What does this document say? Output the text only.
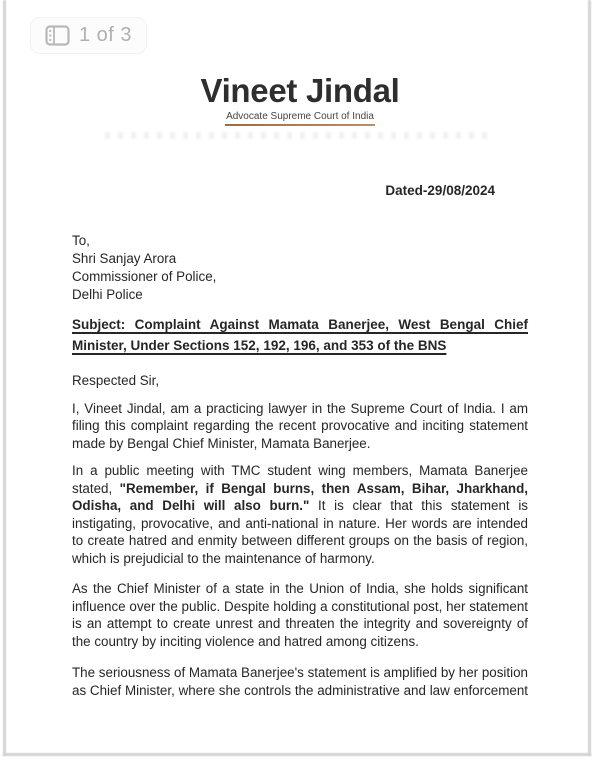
1 of 3
Vineet Jindal
Advocate Supreme Court of India
Dated-29/08/2024
To,
Shri Sanjay Arora
Commissioner of Police,
Delhi Police
Subject: Complaint Against Mamata Banerjee, West Bengal Chief Minister, Under Sections 152, 192, 196, and 353 of the BNS
Respected Sir,

I, Vineet Jindal, am a practicing lawyer in the Supreme Court of India. I am filing this complaint regarding the recent provocative and inciting statement made by Bengal Chief Minister, Mamata Banerjee.

In a public meeting with TMC student wing members, Mamata Banerjee stated, "Remember, if Bengal burns, then Assam, Bihar, Jharkhand, Odisha, and Delhi will also burn." It is clear that this statement is instigating, provocative, and anti-national in nature. Her words are intended to create hatred and enmity between different groups on the basis of region, which is prejudicial to the maintenance of harmony.

As the Chief Minister of a state in the Union of India, she holds significant influence over the public. Despite holding a constitutional post, her statement is an attempt to create unrest and threaten the integrity and sovereignty of the country by inciting violence and hatred among citizens.

The seriousness of Mamata Banerjee's statement is amplified by her position as Chief Minister, where she controls the administrative and law enforcement
